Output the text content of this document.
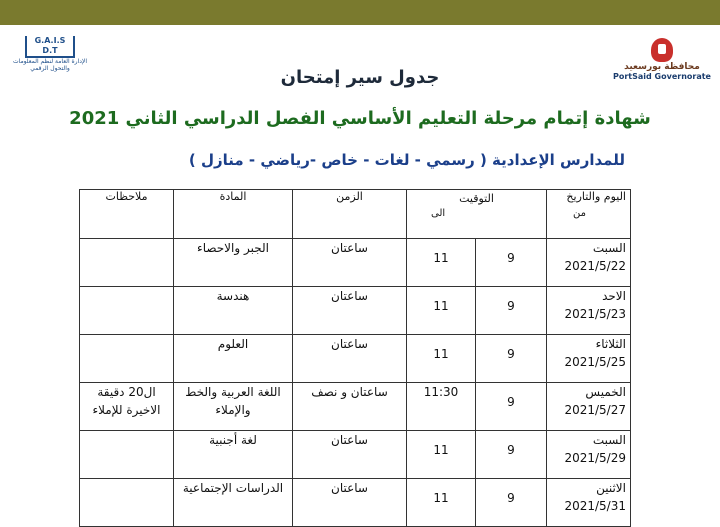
محافظة بورسعيد
PortSaid Governorate
G.A.I.S D.T
الإدارة العامة لنظم المعلومات والتحول الرقمي	جدول سير إمتحان
شهادة إتمام مرحلة التعليم الأساسي الفصل الدراسي الثاني 2021
للمدارس الإعدادية ( رسمي - لغات - خاص -رياضي - منازل )
اليوم والتاريخ	التوقيت
من
الى		الزمن	المادة	ملاحظات

السبت
2021/5/22	9	11	ساعتان	الجبر والاحصاء	

الاحد
2021/5/23	9	11	ساعتان	هندسة	

الثلاثاء
2021/5/25	9	11	ساعتان	العلوم	

الخميس
2021/5/27	9	11:30	ساعتان و نصف	اللغة العربية والخط والإملاء	ال20 دقيقة الاخيرة للإملاء

السبت
2021/5/29	9	11	ساعتان	لغة أجنبية	

الاثنين
2021/5/31	9	11	ساعتان	الدراسات الإجتماعية	
